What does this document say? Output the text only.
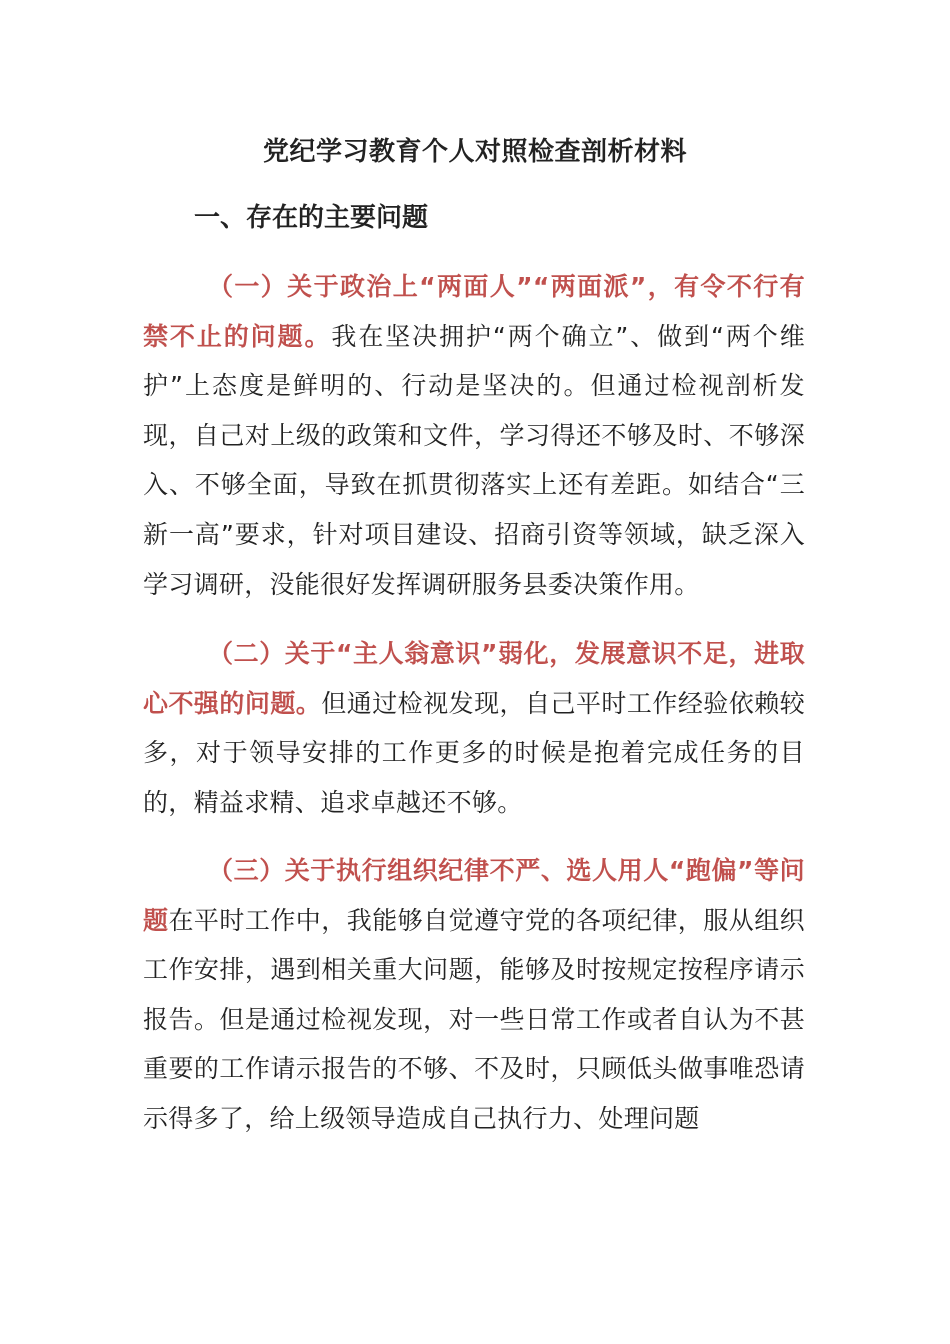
党纪学习教育个人对照检查剖析材料
一、存在的主要问题

（一）关于政治上“两面人”“两面派”，有令不行有禁不止的问题。我在坚决拥护“两个确立”、做到“两个维护”上态度是鲜明的、行动是坚决的。但通过检视剖析发现，自己对上级的政策和文件，学习得还不够及时、不够深入、不够全面，导致在抓贯彻落实上还有差距。如结合“三新一高”要求，针对项目建设、招商引资等领域，缺乏深入学习调研，没能很好发挥调研服务县委决策作用。

（二）关于“主人翁意识”弱化，发展意识不足，进取心不强的问题。但通过检视发现，自己平时工作经验依赖较多，对于领导安排的工作更多的时候是抱着完成任务的目的，精益求精、追求卓越还不够。

（三）关于执行组织纪律不严、选人用人“跑偏”等问题在平时工作中，我能够自觉遵守党的各项纪律，服从组织工作安排，遇到相关重大问题，能够及时按规定按程序请示报告。但是通过检视发现，对一些日常工作或者自认为不甚重要的工作请示报告的不够、不及时，只顾低头做事唯恐请示得多了，给上级领导造成自己执行力、处理问题
